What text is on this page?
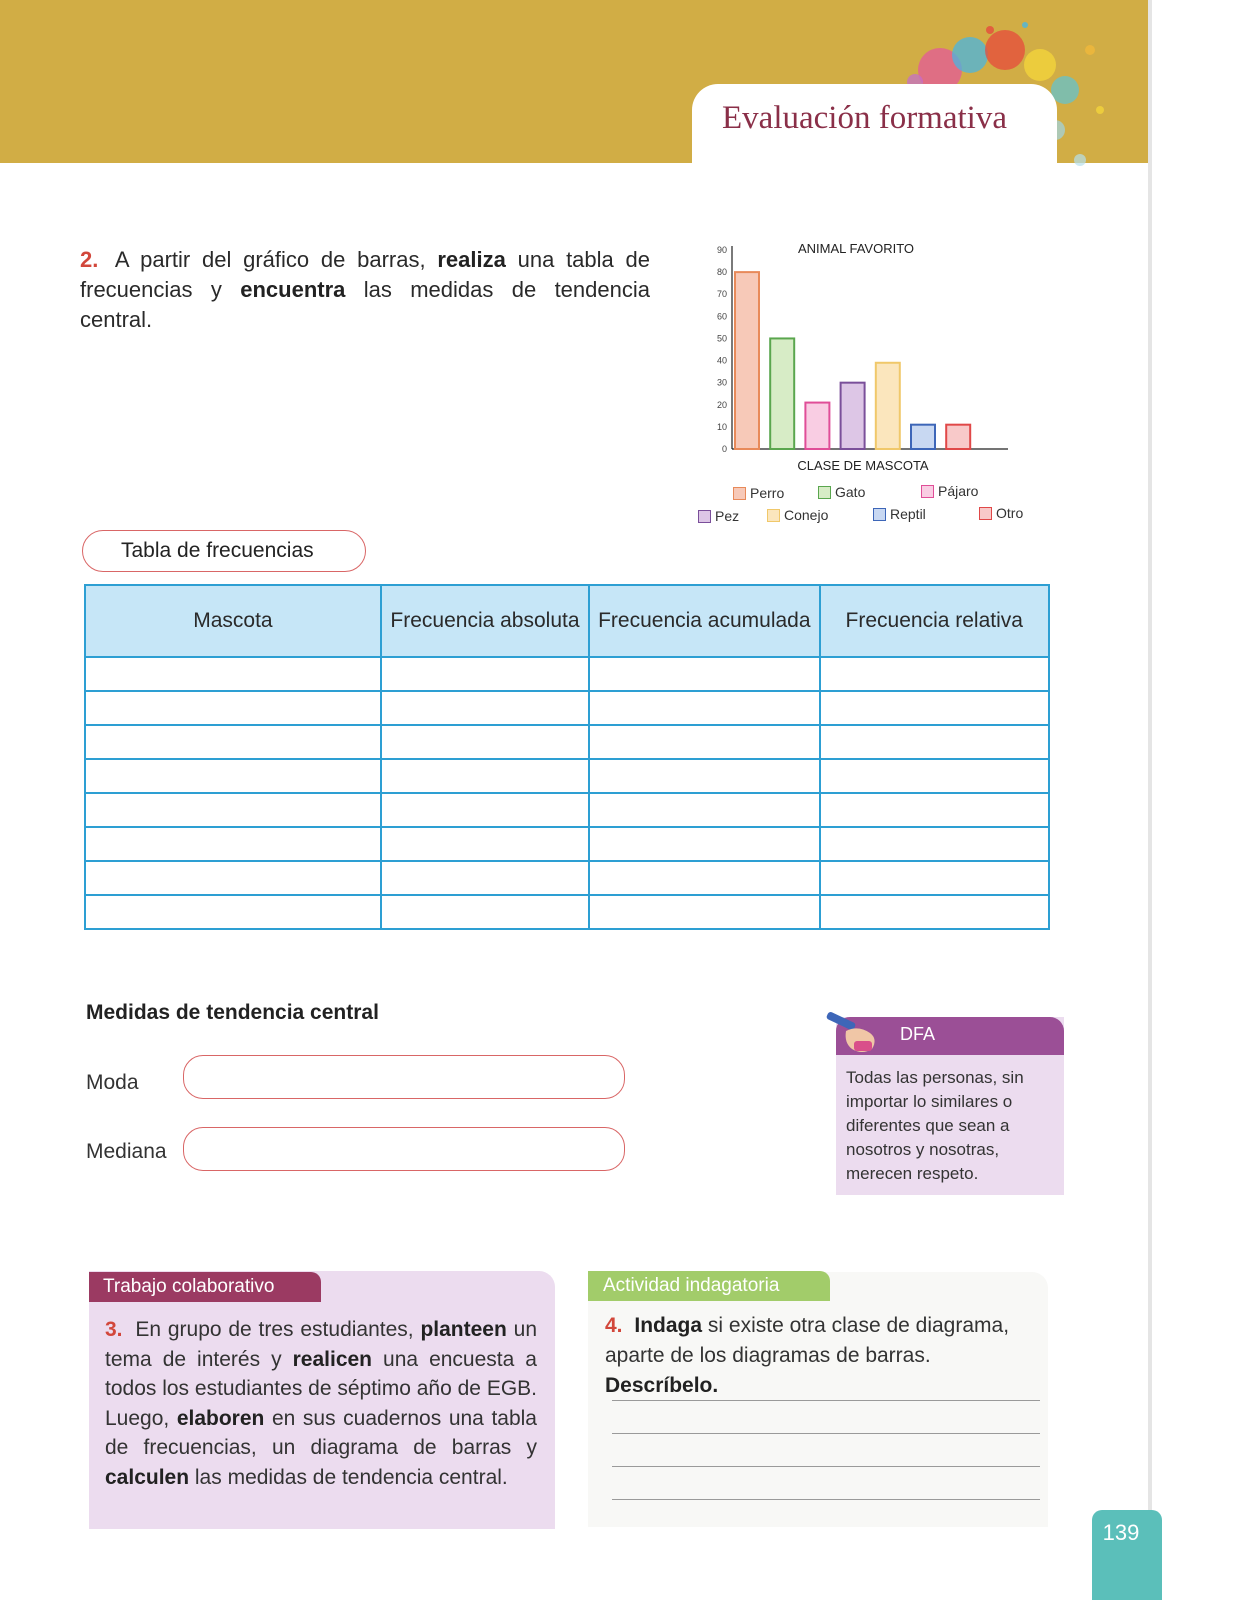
Evaluación formativa
2. A partir del gráfico de barras, realiza una tabla de frecuencias y encuentra las medidas de tendencia central.
0
10
20
30
40
50
60
70
80
90	ANIMAL FAVORITO
CLASE DE MASCOTA
Perro	Gato	Pájaro
Pez	Conejo	Reptil	Otro
Tabla de frecuencias
Mascota	Frecuencia absoluta	Frecuencia acumulada	Frecuencia relativa

Medidas de tendencia central
Moda
Mediana
DFA
Todas las personas, sin importar lo similares o diferentes que sean a nosotros y nosotras, merecen respeto.
Trabajo colaborativo
3. En grupo de tres estudiantes, planteen un tema de interés y realicen una encuesta a todos los estudiantes de séptimo año de EGB. Luego, elaboren en sus cuadernos una tabla de frecuencias, un diagrama de barras y calculen las medidas de tendencia central.
Actividad indagatoria
4. Indaga si existe otra clase de diagrama, aparte de los diagramas de barras. Descríbelo.
139
